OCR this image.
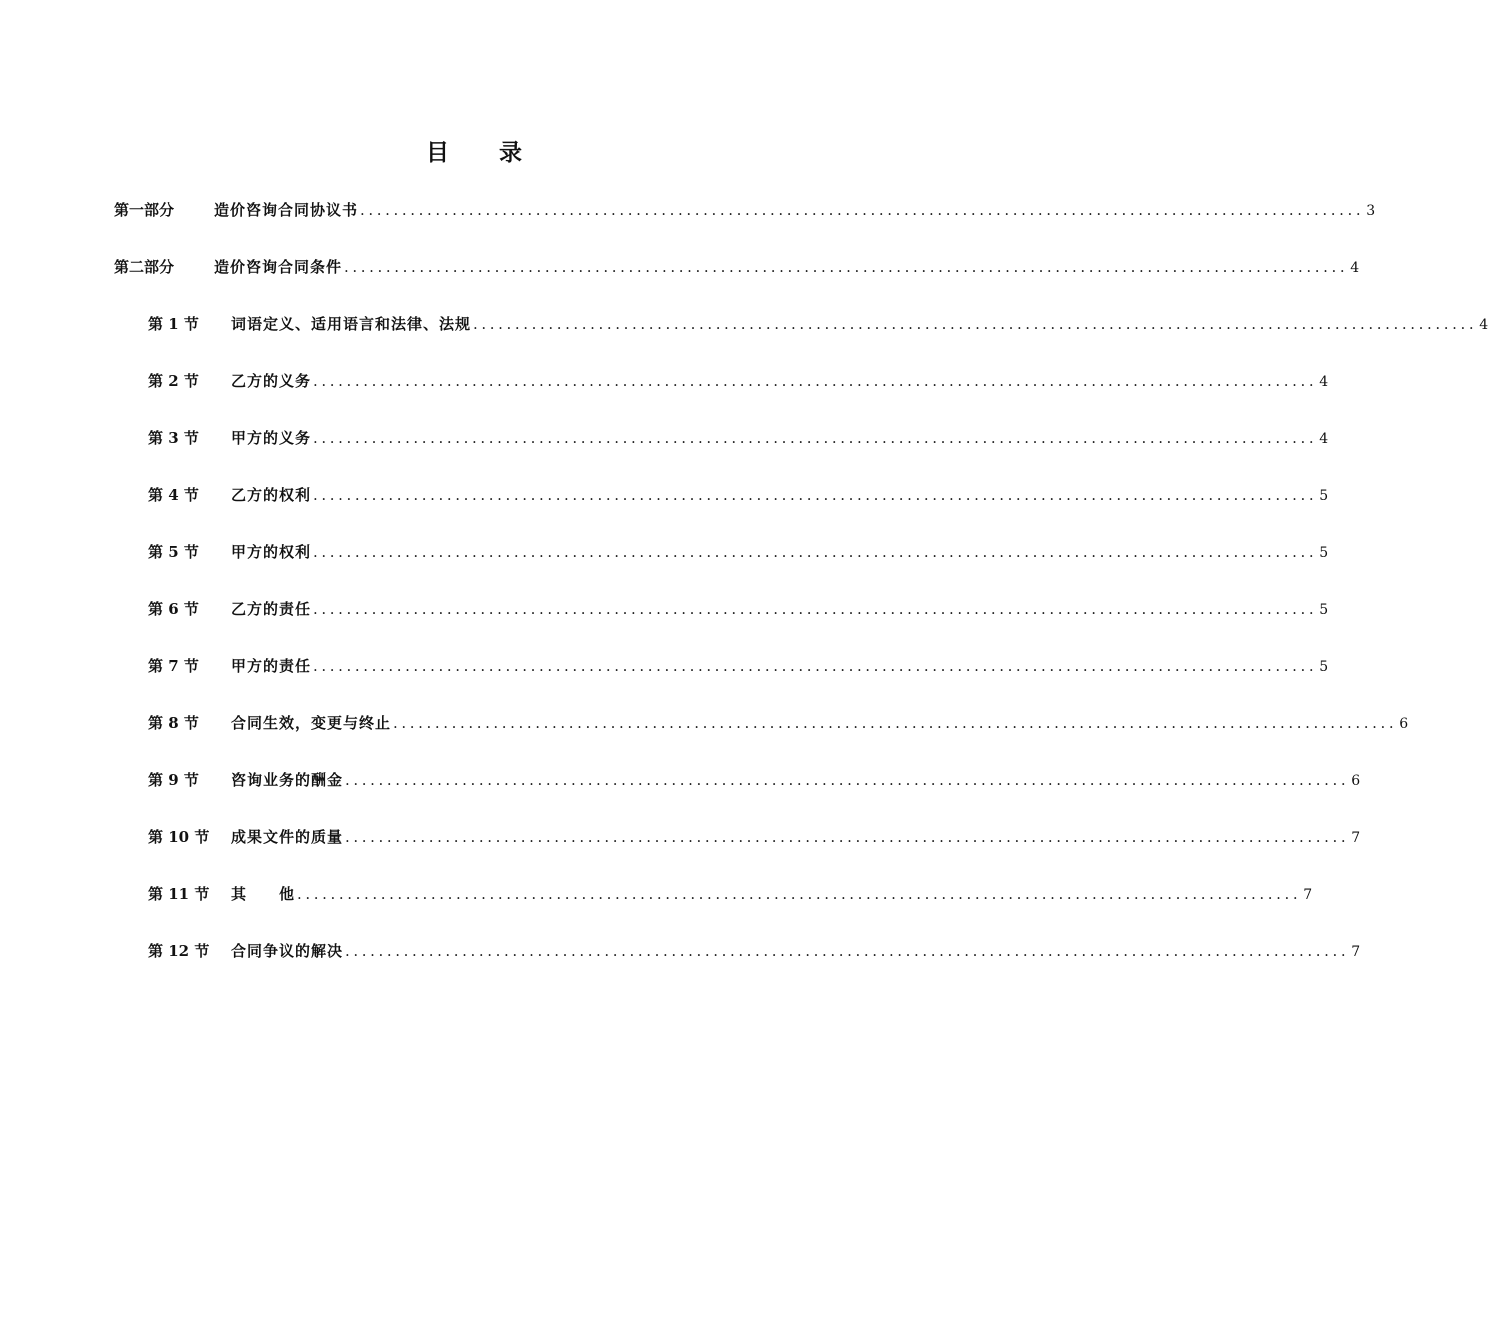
目 录
第一部分	造价咨询合同协议书 ........................................................................................................................ 3
第二部分	造价咨询合同条件 ........................................................................................................................ 4
第 1 节	词语定义、适用语言和法律、法规 ........................................................................................................................ 4
第 2 节	乙方的义务 ........................................................................................................................ 4
第 3 节	甲方的义务 ........................................................................................................................ 4
第 4 节	乙方的权利 ........................................................................................................................ 5
第 5 节	甲方的权利 ........................................................................................................................ 5
第 6 节	乙方的责任 ........................................................................................................................ 5
第 7 节	甲方的责任 ........................................................................................................................ 5
第 8 节	合同生效，变更与终止 ........................................................................................................................ 6
第 9 节	咨询业务的酬金 ........................................................................................................................ 6
第 10 节	成果文件的质量 ........................................................................................................................ 7
第 11 节	其　　他 ........................................................................................................................ 7
第 12 节	合同争议的解决 ........................................................................................................................ 7
